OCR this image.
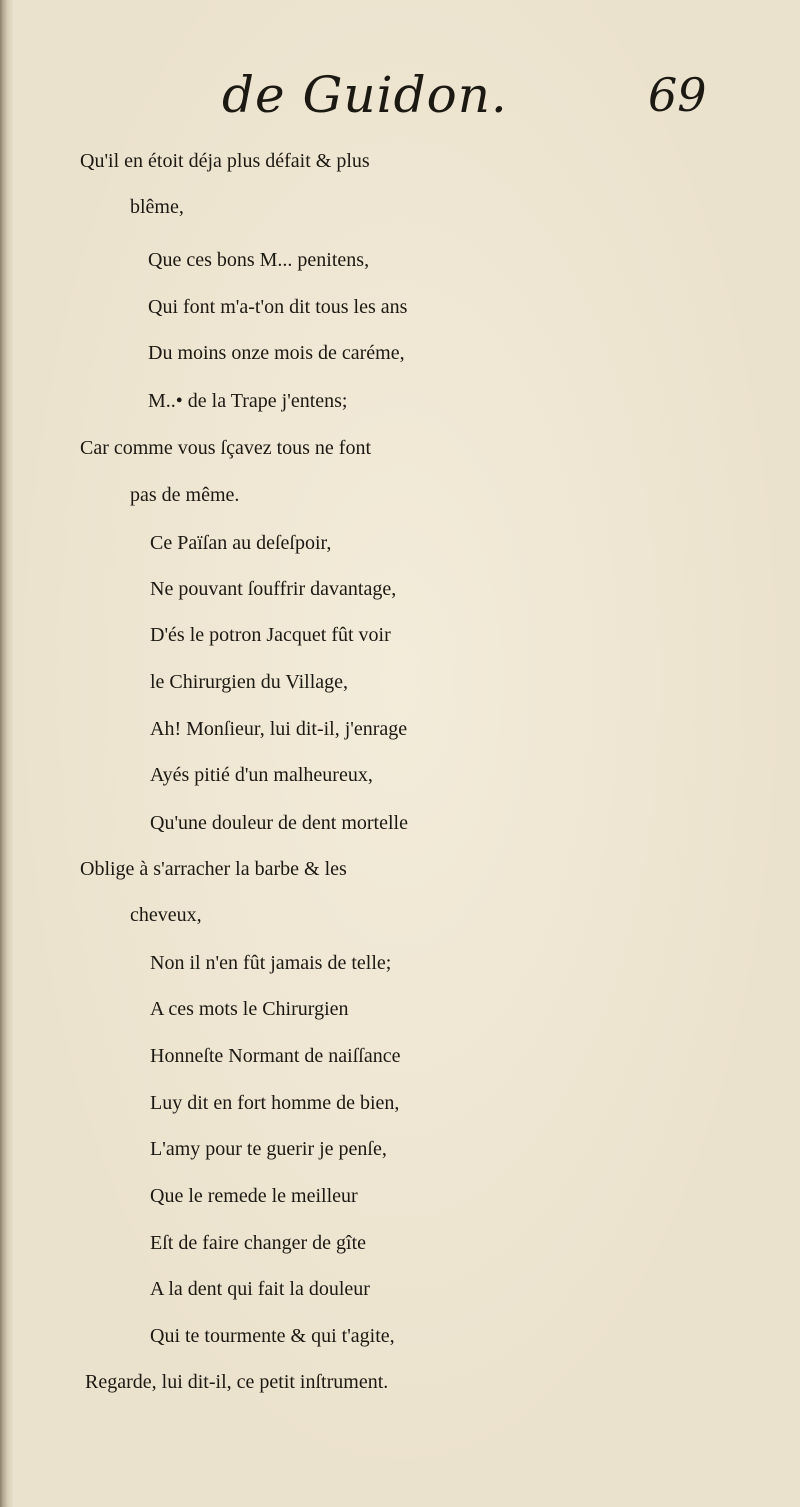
de Guidon.	69
Qu'il en étoit déja plus défait & plus
blême,
Que ces bons M... penitens,
Qui font m'a-t'on dit tous les ans
Du moins onze mois de caréme,
M..• de la Trape j'entens;
Car comme vous ſçavez tous ne font
pas de même.
Ce Païſan au deſeſpoir,
Ne pouvant ſouffrir davantage,
D'és le potron Jacquet fût voir
le Chirurgien du Village,
Ah! Monſieur, lui dit-il, j'enrage
Ayés pitié d'un malheureux,
Qu'une douleur de dent mortelle
Oblige à s'arracher la barbe & les
cheveux,
Non il n'en fût jamais de telle;
A ces mots le Chirurgien
Honneſte Normant de naiſſance
Luy dit en fort homme de bien,
L'amy pour te guerir je penſe,
Que le remede le meilleur
Eſt de faire changer de gîte
A la dent qui fait la douleur
Qui te tourmente & qui t'agite,
Regarde, lui dit-il, ce petit inſtrument.
